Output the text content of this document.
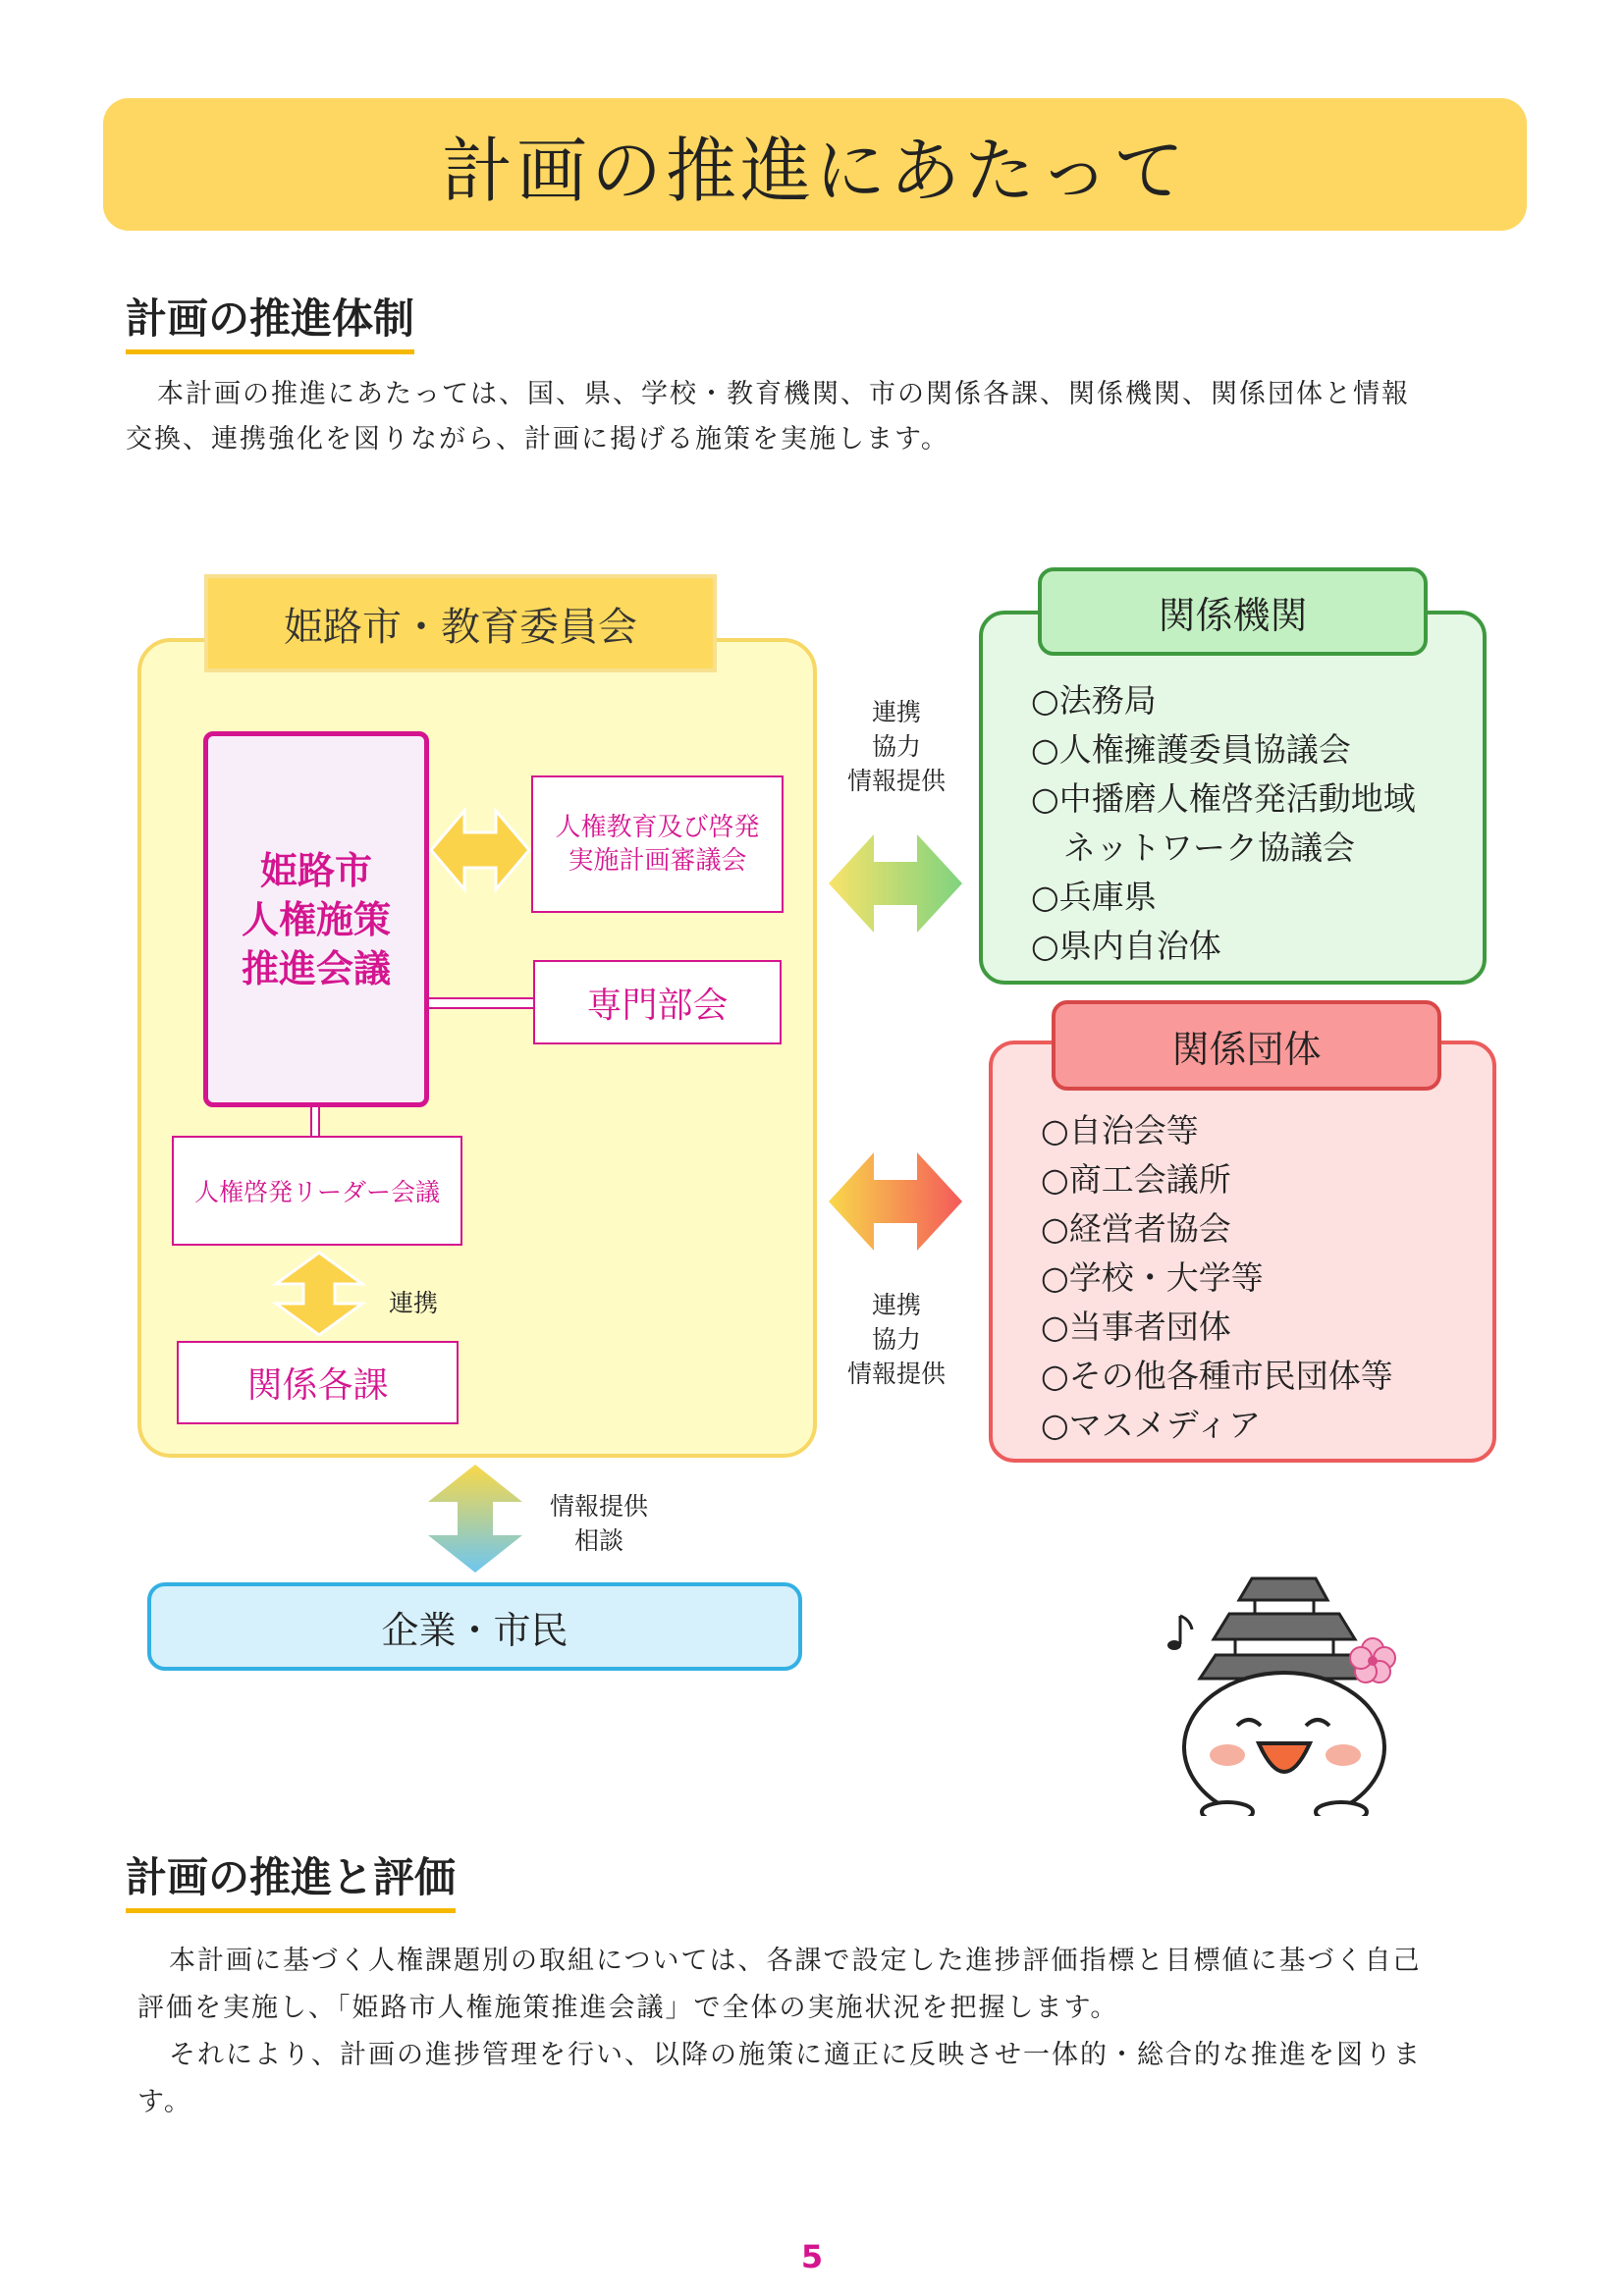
計画の推進にあたって
計画の推進体制
本計画の推進にあたっては、国、県、学校・教育機関、市の関係各課、関係機関、関係団体と情報
交換、連携強化を図りながら、計画に掲げる施策を実施します。
姫路市・教育委員会
姫路市
人権施策
推進会議
人権教育及び啓発
実施計画審議会
専門部会
人権啓発リーダー会議
連携
関係各課
連携
協力
情報提供
連携
協力
情報提供
関係機関
○法務局
○人権擁護委員協議会
○中播磨人権啓発活動地域
　ネットワーク協議会
○兵庫県
○県内自治体
関係団体
○自治会等
○商工会議所
○経営者協会
○学校・大学等
○当事者団体
○その他各種市民団体等
○マスメディア
情報提供
相談
企業・市民
計画の推進と評価
本計画に基づく人権課題別の取組については、各課で設定した進捗評価指標と目標値に基づく自己
評価を実施し、「姫路市人権施策推進会議」で全体の実施状況を把握します。
それにより、計画の進捗管理を行い、以降の施策に適正に反映させ一体的・総合的な推進を図りま
す。
5
